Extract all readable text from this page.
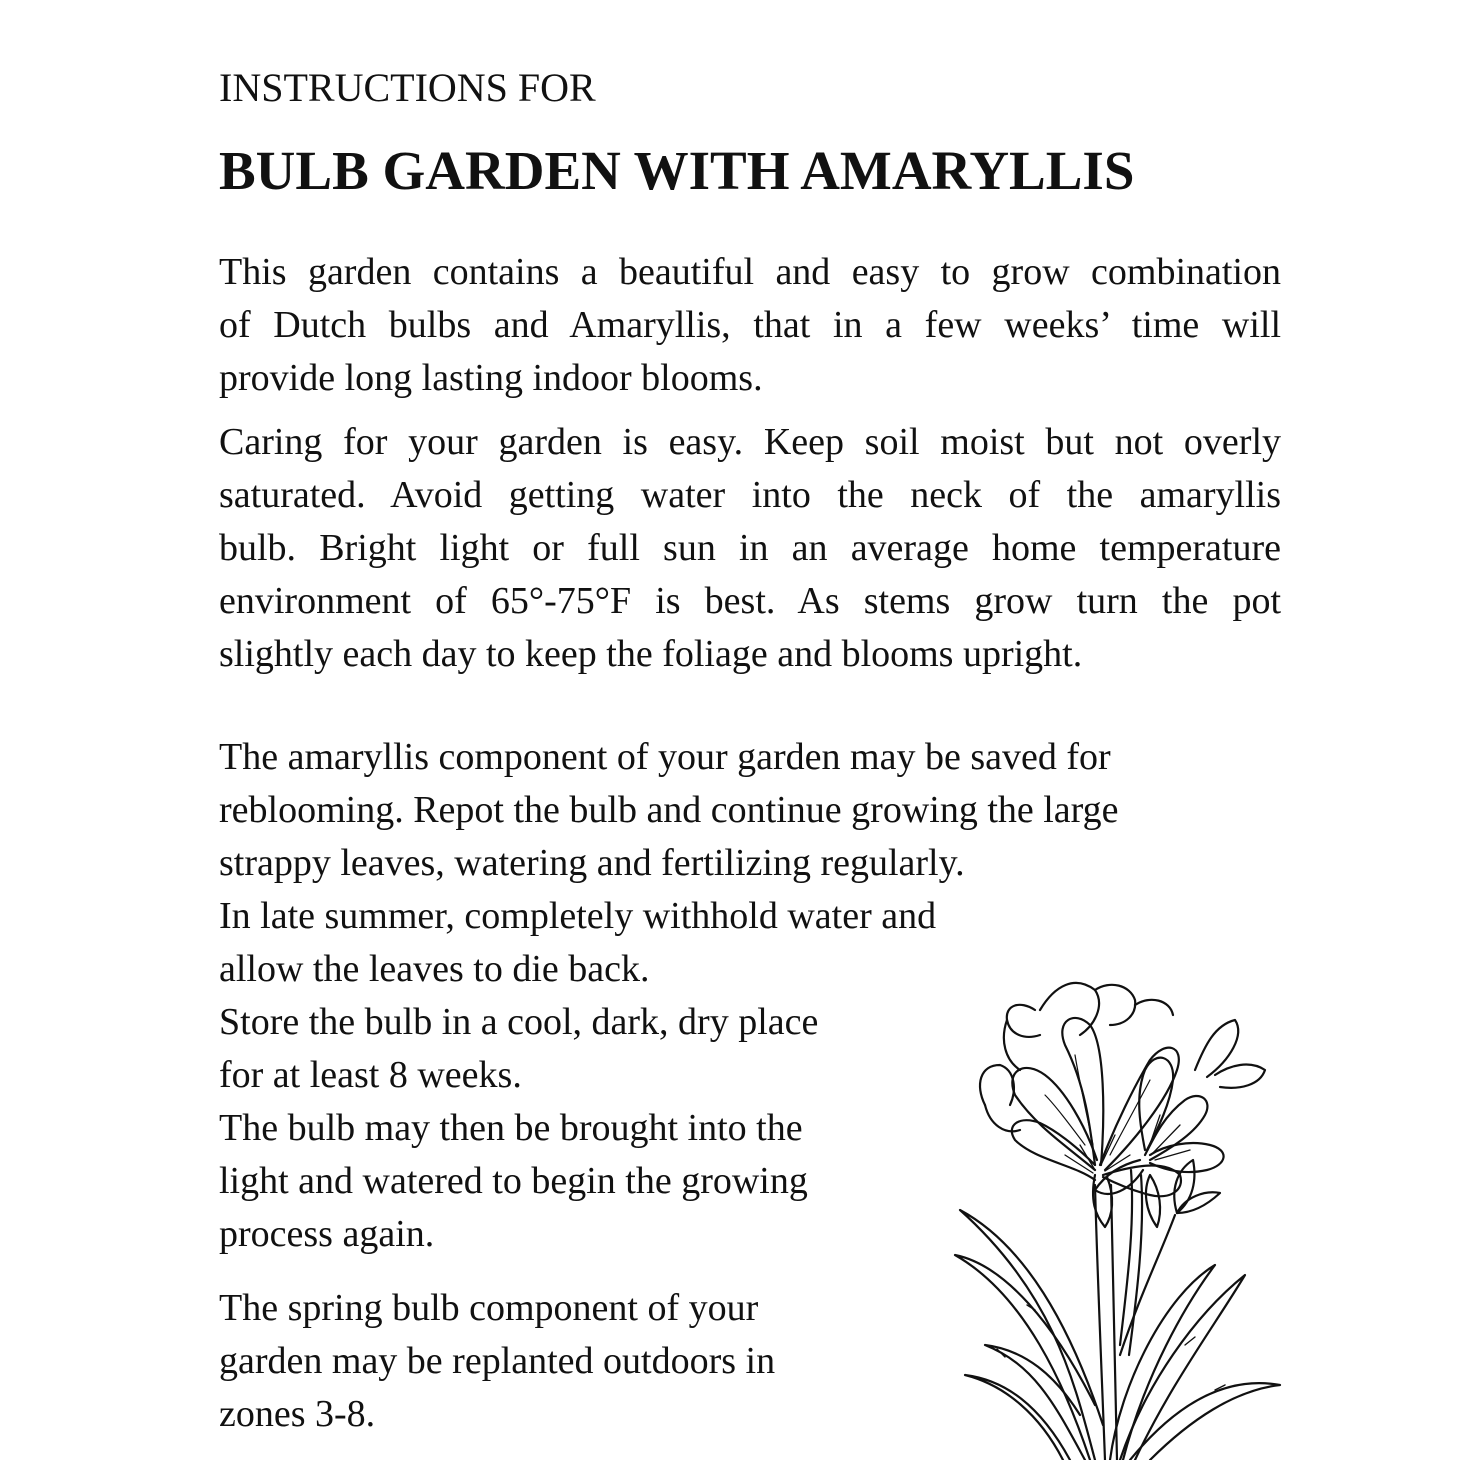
INSTRUCTIONS FOR
BULB GARDEN WITH AMARYLLIS

This garden contains a beautiful and easy to grow combination
of Dutch bulbs and Amaryllis, that in a few weeks’ time will
provide long lasting indoor blooms.

Caring for your garden is easy. Keep soil moist but not overly
saturated. Avoid getting water into the neck of the amaryllis
bulb. Bright light or full sun in an average home temperature
environment of 65°-75°F is best. As stems grow turn the pot
slightly each day to keep the foliage and blooms upright.

The amaryllis component of your garden may be saved for
reblooming. Repot the bulb and continue growing the large
strappy leaves, watering and fertilizing regularly.
In late summer, completely withhold water and
allow the leaves to die back.
Store the bulb in a cool, dark, dry place
for at least 8 weeks.
The bulb may then be brought into the
light and watered to begin the growing
process again.

The spring bulb component of your
garden may be replanted outdoors in
zones 3-8.
